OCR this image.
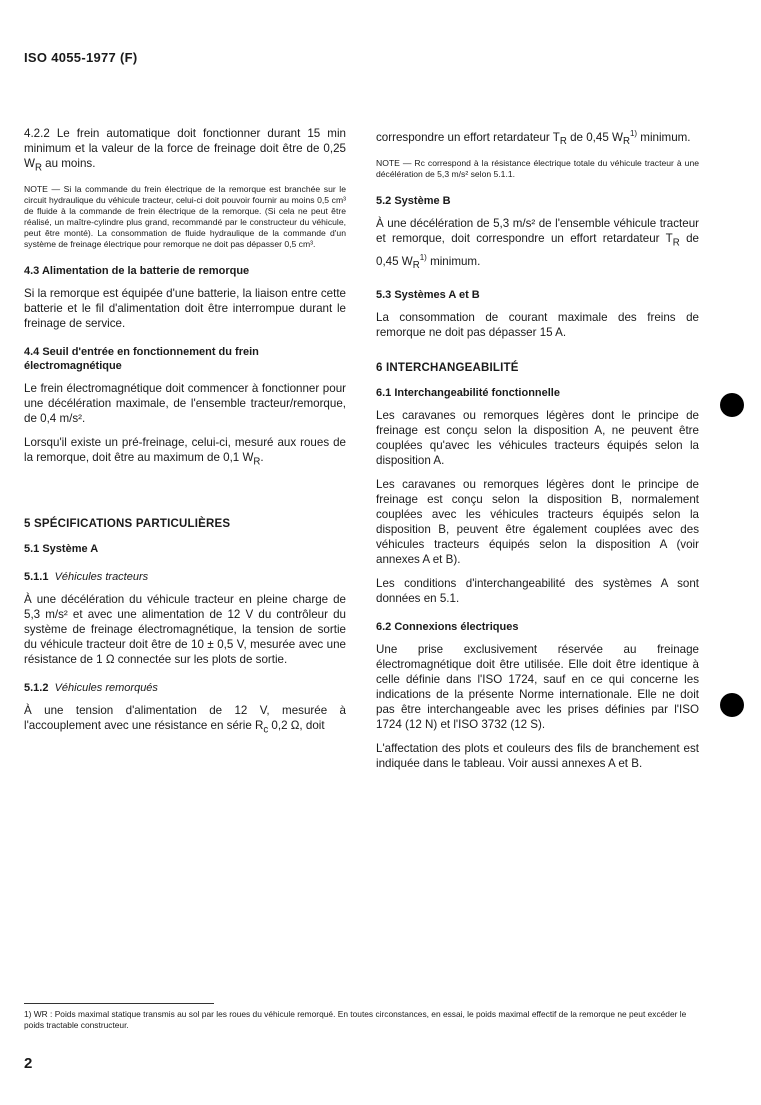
ISO 4055-1977 (F)

4.2.2 Le frein automatique doit fonctionner durant 15 min minimum et la valeur de la force de freinage doit être de 0,25 $W_R$ au moins.

NOTE — Si la commande du frein électrique de la remorque est branchée sur le circuit hydraulique du véhicule tracteur, celui-ci doit pouvoir fournir au moins 0,5 cm³ de fluide à la commande de frein électrique de la remorque. (Si cela ne peut être réalisé, un maître-cylindre plus grand, recommandé par le constructeur du véhicule, peut être monté). La consommation de fluide hydraulique de la commande d'un système de freinage électrique pour remorque ne doit pas dépasser 0,5 cm³.

4.3 Alimentation de la batterie de remorque

Si la remorque est équipée d'une batterie, la liaison entre cette batterie et le fil d'alimentation doit être interrompue durant le freinage de service.

4.4 Seuil d'entrée en fonctionnement du frein électromagnétique

Le frein électromagnétique doit commencer à fonctionner pour une décélération maximale, de l'ensemble tracteur/remorque, de 0,4 m/s².

Lorsqu'il existe un pré-freinage, celui-ci, mesuré aux roues de la remorque, doit être au maximum de 0,1 $W_R$.

5 SPÉCIFICATIONS PARTICULIÈRES
5.1 Système A
5.1.1 Véhicules tracteurs

À une décélération du véhicule tracteur en pleine charge de 5,3 m/s² et avec une alimentation de 12 V du contrôleur du système de freinage électromagnétique, la tension de sortie du véhicule tracteur doit être de 10 ± 0,5 V, mesurée avec une résistance de 1 Ω connectée sur les plots de sortie.

5.1.2 Véhicules remorqués

À une tension d'alimentation de 12 V, mesurée à l'accouplement avec une résistance en série $R_c$ 0,2 Ω, doit

correspondre un effort retardateur $T_R$ de 0,45 $W_R^{1)}$ minimum.

NOTE — Rc correspond à la résistance électrique totale du véhicule tracteur à une décélération de 5,3 m/s² selon 5.1.1.

5.2 Système B

À une décélération de 5,3 m/s² de l'ensemble véhicule tracteur et remorque, doit correspondre un effort retardateur $T_R$ de 0,45 $W_R^{1)}$ minimum.

5.3 Systèmes A et B

La consommation de courant maximale des freins de remorque ne doit pas dépasser 15 A.

6 INTERCHANGEABILITÉ
6.1 Interchangeabilité fonctionnelle

Les caravanes ou remorques légères dont le principe de freinage est conçu selon la disposition A, ne peuvent être couplées qu'avec les véhicules tracteurs équipés selon la disposition A.

Les caravanes ou remorques légères dont le principe de freinage est conçu selon la disposition B, normalement couplées avec les véhicules tracteurs équipés selon la disposition B, peuvent être également couplées avec des véhicules tracteurs équipés selon la disposition A (voir annexes A et B).

Les conditions d'interchangeabilité des systèmes A sont données en 5.1.

6.2 Connexions électriques

Une prise exclusivement réservée au freinage électromagnétique doit être utilisée. Elle doit être identique à celle définie dans l'ISO 1724, sauf en ce qui concerne les indications de la présente Norme internationale. Elle ne doit pas être interchangeable avec les prises définies par l'ISO 1724 (12 N) et l'ISO 3732 (12 S).

L'affectation des plots et couleurs des fils de branchement est indiquée dans le tableau. Voir aussi annexes A et B.

1) WR : Poids maximal statique transmis au sol par les roues du véhicule remorqué. En toutes circonstances, en essai, le poids maximal effectif de la remorque ne peut excéder le poids tractable constructeur.
2
